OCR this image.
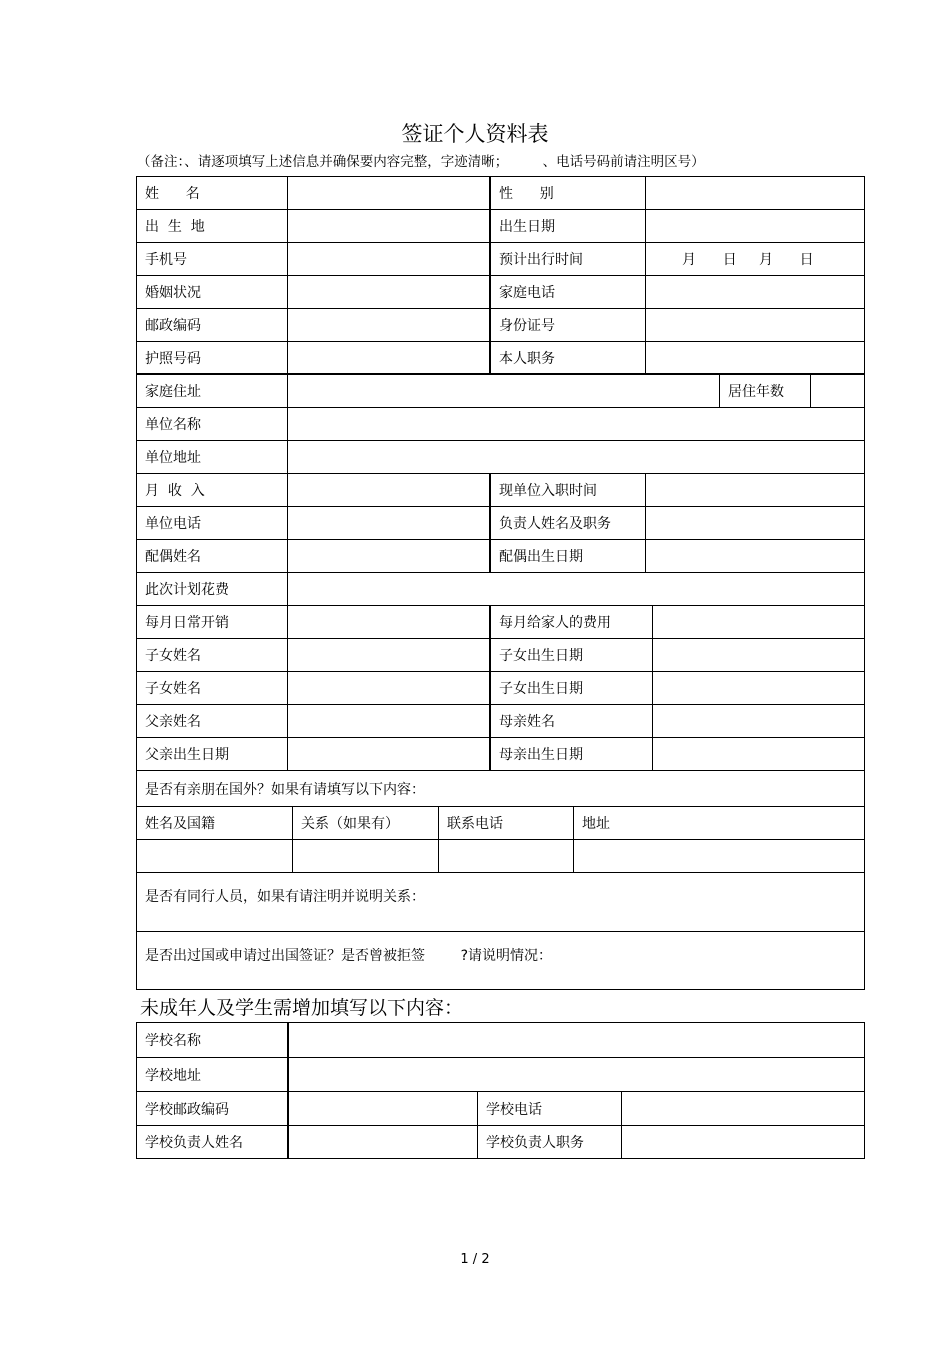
签证个人资料表
（备注：、请逐项填写上述信息并确保要内容完整，字迹清晰；        、电话号码前请注明区号）
姓      名	性      别
出  生  地	出生日期
手机号	预计出行时间	月      日     月      日
婚姻状况	家庭电话
邮政编码	身份证号
护照号码	本人职务
家庭住址	居住年数
单位名称
单位地址
月  收  入	现单位入职时间
单位电话	负责人姓名及职务
配偶姓名	配偶出生日期
此次计划花费
每月日常开销	每月给家人的费用
子女姓名	子女出生日期
子女姓名	子女出生日期
父亲姓名	母亲姓名
父亲出生日期	母亲出生日期
是否有亲朋在国外？如果有请填写以下内容：
姓名及国籍	关系（如果有）	联系电话	地址
是否有同行人员，如果有请注明并说明关系：
是否出过国或申请过出国签证？是否曾被拒签        ?请说明情况：
未成年人及学生需增加填写以下内容：
学校名称
学校地址
学校邮政编码	学校电话
学校负责人姓名	学校负责人职务
1 / 2
